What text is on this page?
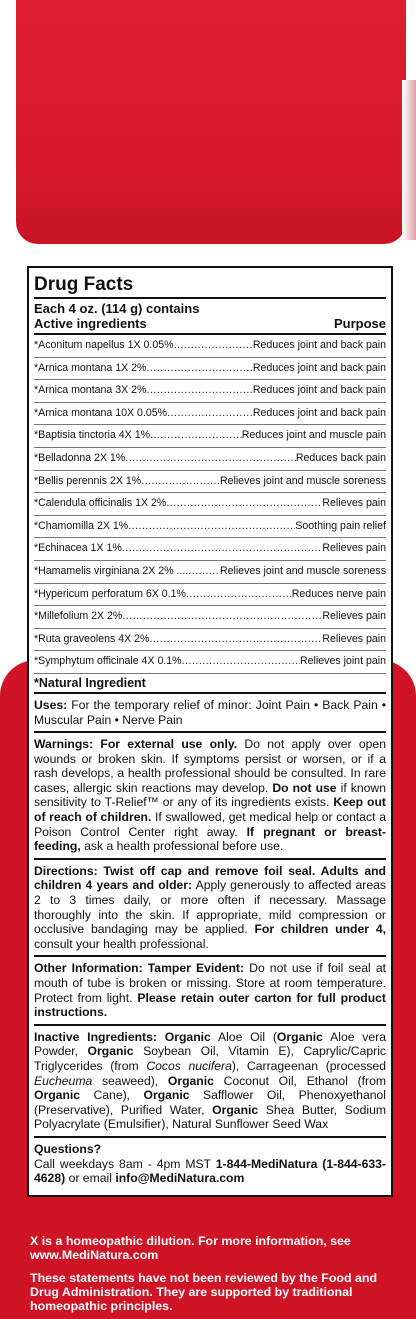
Drug Facts
Each 4 oz. (114 g) contains
Active ingredients	Purpose
*Aconitum napellus 1X 0.05% .....	Reduces joint and back pain
*Arnica montana 1X 2% .....	Reduces joint and back pain
*Arnica montana 3X 2% .....	Reduces joint and back pain
*Arnica montana 10X 0.05% .....	Reduces joint and back pain
*Baptisia tinctoria 4X 1% .....	Reduces joint and muscle pain
*Belladonna 2X 1% .....	Reduces back pain
*Bellis perennis 2X 1% .....	Relieves joint and muscle soreness
*Calendula officinalis 1X 2% .....	Relieves pain
*Chamomilla 2X 1% .....	Soothing pain relief
*Echinacea 1X 1% .....	Relieves pain
*Hamamelis virginiana 2X 2% .... .....	Relieves joint and muscle soreness
*Hypericum perforatum 6X 0.1% .....	Reduces nerve pain
*Millefolium 2X 2% .....	Relieves pain
*Ruta graveolens 4X 2% .....	Relieves pain
*Symphytum officinale 4X 0.1% .....	Relieves joint pain
*Natural Ingredient

Uses: For the temporary relief of minor: Joint Pain • Back Pain • Muscular Pain • Nerve Pain

Warnings: For external use only. Do not apply over open wounds or broken skin. If symptoms persist or worsen, or if a rash develops, a health professional should be consulted. In rare cases, allergic skin reactions may develop. Do not use if known sensitivity to T-Relief™ or any of its ingredients exists. Keep out of reach of children. If swallowed, get medical help or contact a Poison Control Center right away. If pregnant or breast-feeding, ask a health professional before use.

Directions: Twist off cap and remove foil seal. Adults and children 4 years and older: Apply generously to affected areas 2 to 3 times daily, or more often if necessary. Massage thoroughly into the skin. If appropriate, mild compression or occlusive bandaging may be applied. For children under 4, consult your health professional.

Other Information: Tamper Evident: Do not use if foil seal at mouth of tube is broken or missing. Store at room temperature. Protect from light. Please retain outer carton for full product instructions.

Inactive Ingredients: Organic Aloe Oil (Organic Aloe vera Powder, Organic Soybean Oil, Vitamin E), Caprylic/Capric Triglycerides (from Cocos nucifera), Carrageenan (processed Eucheuma seaweed), Organic Coconut Oil, Ethanol (from Organic Cane), Organic Safflower Oil, Phenoxyethanol (Preservative), Purified Water, Organic Shea Butter, Sodium Polyacrylate (Emulsifier), Natural Sunflower Seed Wax

Questions?

Call weekdays 8am - 4pm MST 1-844-MediNatura (1-844-633-4628) or email info@MediNatura.com

X is a homeopathic dilution. For more information, see www.MediNatura.com

These statements have not been reviewed by the Food and Drug Administration. They are supported by traditional homeopathic principles.
